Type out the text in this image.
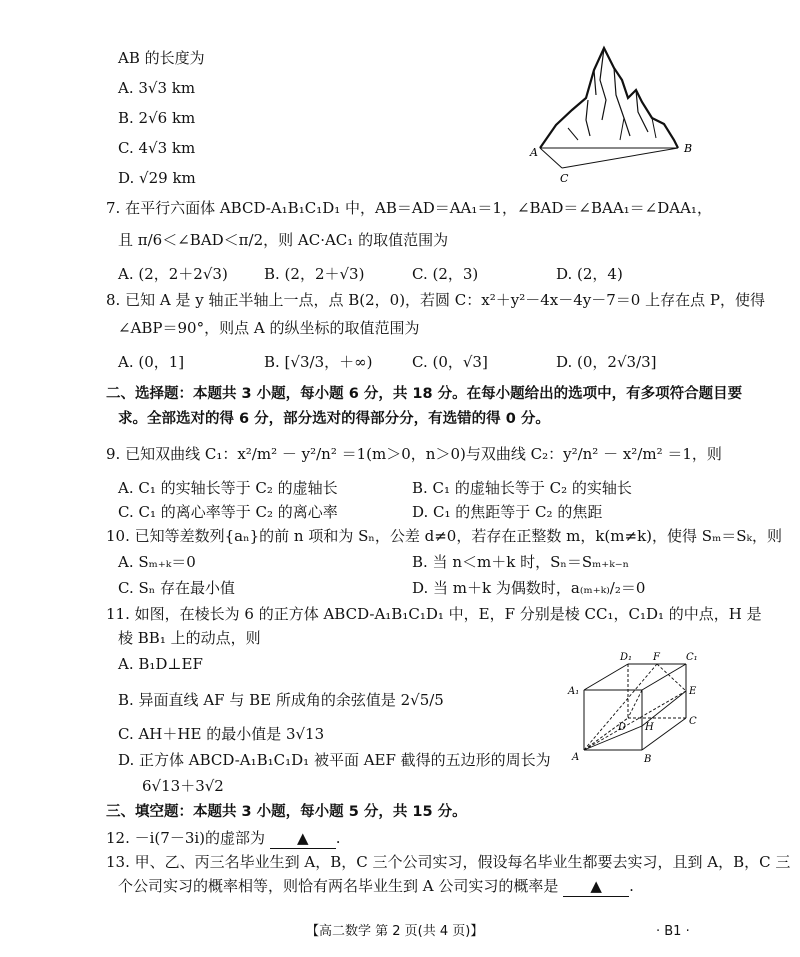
AB 的长度为
A. 3√3 km
B. 2√6 km
C. 4√3 km
D. √29 km
A	B
C
7. 在平行六面体 ABCD-A₁B₁C₁D₁ 中，AB＝AD＝AA₁＝1，∠BAD＝∠BAA₁＝∠DAA₁，
且 π/6＜∠BAD＜π/2，则 AC·AC₁ 的取值范围为
A. (2，2＋2√3) B. (2，2＋√3)	C. (2，3)	D. (2，4)
8. 已知 A 是 y 轴正半轴上一点，点 B(2，0)，若圆 C：x²＋y²－4x－4y－7＝0 上存在点 P，使得
∠ABP＝90°，则点 A 的纵坐标的取值范围为
A. (0，1]	B. [√3/3，＋∞)	C. (0，√3]	D. (0，2√3/3]
二、选择题：本题共 3 小题，每小题 6 分，共 18 分。在每小题给出的选项中，有多项符合题目要
求。全部选对的得 6 分，部分选对的得部分分，有选错的得 0 分。
9. 已知双曲线 C₁：x²/m² － y²/n² ＝1(m＞0，n＞0)与双曲线 C₂：y²/n² － x²/m² ＝1，则
A. C₁ 的实轴长等于 C₂ 的虚轴长	B. C₁ 的虚轴长等于 C₂ 的实轴长
C. C₁ 的离心率等于 C₂ 的离心率	D. C₁ 的焦距等于 C₂ 的焦距
10. 已知等差数列{aₙ}的前 n 项和为 Sₙ，公差 d≠0，若存在正整数 m，k(m≠k)，使得 Sₘ＝Sₖ，则
A. Sₘ₊ₖ＝0	B. 当 n＜m＋k 时，Sₙ＝Sₘ₊ₖ₋ₙ
C. Sₙ 存在最小值	D. 当 m＋k 为偶数时，a₍ₘ₊ₖ₎/₂＝0
11. 如图，在棱长为 6 的正方体 ABCD-A₁B₁C₁D₁ 中，E，F 分别是棱 CC₁，C₁D₁ 的中点，H 是
棱 BB₁ 上的动点，则
A. B₁D⊥EF
B. 异面直线 AF 与 BE 所成角的余弦值是 2√5/5
C. AH＋HE 的最小值是 3√13
D. 正方体 ABCD-A₁B₁C₁D₁ 被平面 AEF 截得的五边形的周长为
6√13＋3√2
D₁ F	C₁
A₁	E
D
C
A	B
H
三、填空题：本题共 3 小题，每小题 5 分，共 15 分。
12. －i(7－3i)的虚部为 ▲ .
13. 甲、乙、丙三名毕业生到 A，B，C 三个公司实习，假设每名毕业生都要去实习，且到 A，B，C 三
个公司实习的概率相等，则恰有两名毕业生到 A 公司实习的概率是 ▲ .
【高二数学 第 2 页(共 4 页)】	· B1 ·
